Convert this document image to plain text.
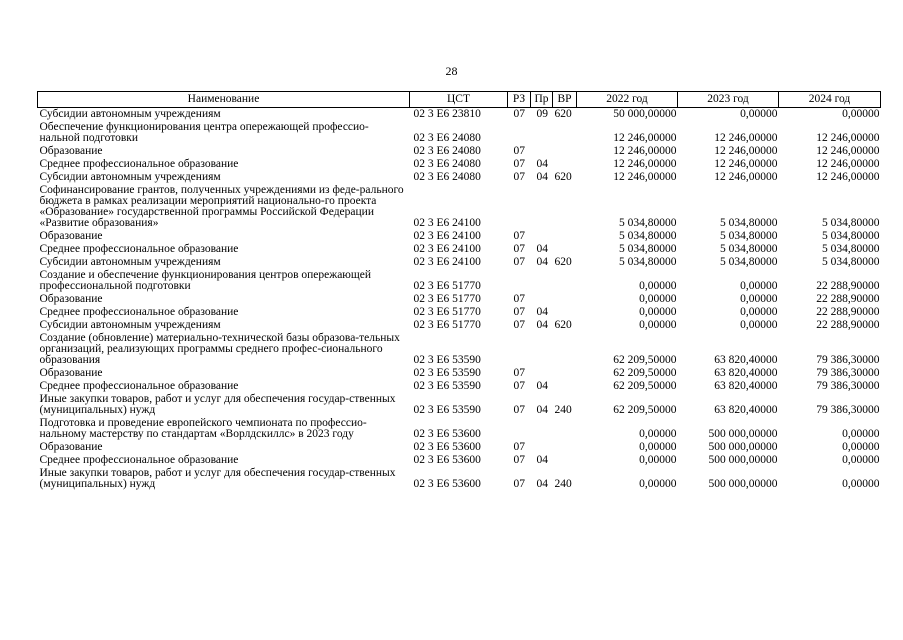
28
Наименование	ЦСТ	РЗ	Пр	ВР	2022 год	2023 год	2024 год
Субсидии автономным учреждениям	02 3 Е6 23810	07	09	620	50 000,00000	0,00000	0,00000
Обеспечение функционирования центра опережающей профессио-нальной подготовки	02 3 Е6 24080				12 246,00000	12 246,00000	12 246,00000
Образование	02 3 Е6 24080	07			12 246,00000	12 246,00000	12 246,00000
Среднее профессиональное образование	02 3 Е6 24080	07	04		12 246,00000	12 246,00000	12 246,00000
Субсидии автономным учреждениям	02 3 Е6 24080	07	04	620	12 246,00000	12 246,00000	12 246,00000
Софинансирование грантов, полученных учреждениями из феде-рального бюджета в рамках реализации мероприятий национально-го проекта «Образование» государственной программы Российской Федерации «Развитие образования»	02 3 Е6 24100				5 034,80000	5 034,80000	5 034,80000
Образование	02 3 Е6 24100	07			5 034,80000	5 034,80000	5 034,80000
Среднее профессиональное образование	02 3 Е6 24100	07	04		5 034,80000	5 034,80000	5 034,80000
Субсидии автономным учреждениям	02 3 Е6 24100	07	04	620	5 034,80000	5 034,80000	5 034,80000
Создание и обеспечение функционирования центров опережающей профессиональной подготовки	02 3 Е6 51770				0,00000	0,00000	22 288,90000
Образование	02 3 Е6 51770	07			0,00000	0,00000	22 288,90000
Среднее профессиональное образование	02 3 Е6 51770	07	04		0,00000	0,00000	22 288,90000
Субсидии автономным учреждениям	02 3 Е6 51770	07	04	620	0,00000	0,00000	22 288,90000
Создание (обновление) материально-технической базы образова-тельных организаций, реализующих программы среднего профес-сионального образования	02 3 Е6 53590				62 209,50000	63 820,40000	79 386,30000
Образование	02 3 Е6 53590	07			62 209,50000	63 820,40000	79 386,30000
Среднее профессиональное образование	02 3 Е6 53590	07	04		62 209,50000	63 820,40000	79 386,30000
Иные закупки товаров, работ и услуг для обеспечения государ-ственных (муниципальных) нужд	02 3 Е6 53590	07	04	240	62 209,50000	63 820,40000	79 386,30000
Подготовка и проведение европейского чемпионата по профессио-нальному мастерству по стандартам «Ворлдскиллс» в 2023 году	02 3 Е6 53600				0,00000	500 000,00000	0,00000
Образование	02 3 Е6 53600	07			0,00000	500 000,00000	0,00000
Среднее профессиональное образование	02 3 Е6 53600	07	04		0,00000	500 000,00000	0,00000
Иные закупки товаров, работ и услуг для обеспечения государ-ственных (муниципальных) нужд	02 3 Е6 53600	07	04	240	0,00000	500 000,00000	0,00000
